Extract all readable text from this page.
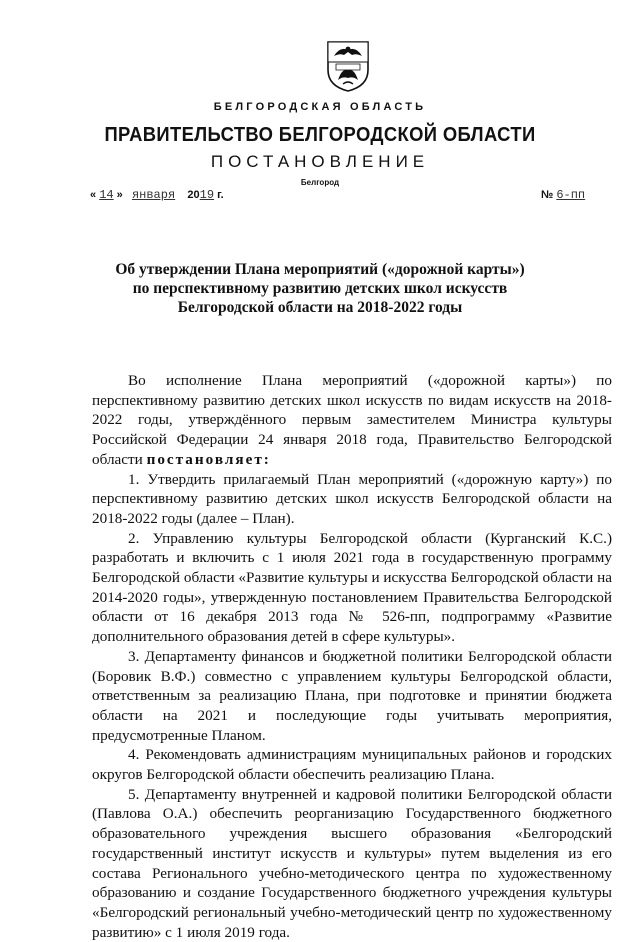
БЕЛГОРОДСКАЯ ОБЛАСТЬ
ПРАВИТЕЛЬСТВО БЕЛГОРОДСКОЙ ОБЛАСТИ
ПОСТАНОВЛЕНИЕ
Белгород
« 14 » января 2019 г.	№ 6-пп
Об утверждении Плана мероприятий («дорожной карты»)
по перспективному развитию детских школ искусств
Белгородской области на 2018-2022 годы

Во исполнение Плана мероприятий («дорожной карты») по перспективному развитию детских школ искусств по видам искусств на 2018-2022 годы, утверждённого первым заместителем Министра культуры Российской Федерации 24 января 2018 года, Правительство Белгородской области постановляет:

1. Утвердить прилагаемый План мероприятий («дорожную карту») по перспективному развитию детских школ искусств Белгородской области на 2018-2022 годы (далее – План).

2. Управлению культуры Белгородской области (Курганский К.С.) разработать и включить с 1 июля 2021 года в государственную программу Белгородской области «Развитие культуры и искусства Белгородской области на 2014-2020 годы», утвержденную постановлением Правительства Белгородской области от 16 декабря 2013 года № 526-пп, подпрограмму «Развитие дополнительного образования детей в сфере культуры».

3. Департаменту финансов и бюджетной политики Белгородской области (Боровик В.Ф.) совместно с управлением культуры Белгородской области, ответственным за реализацию Плана, при подготовке и принятии бюджета области на 2021 и последующие годы учитывать мероприятия, предусмотренные Планом.

4. Рекомендовать администрациям муниципальных районов и городских округов Белгородской области обеспечить реализацию Плана.

5. Департаменту внутренней и кадровой политики Белгородской области (Павлова О.А.) обеспечить реорганизацию Государственного бюджетного образовательного учреждения высшего образования «Белгородский государственный институт искусств и культуры» путем выделения из его состава Регионального учебно-методического центра по художественному образованию и создание Государственного бюджетного учреждения культуры «Белгородский региональный учебно-методический центр по художественному развитию» с 1 июля 2019 года.
